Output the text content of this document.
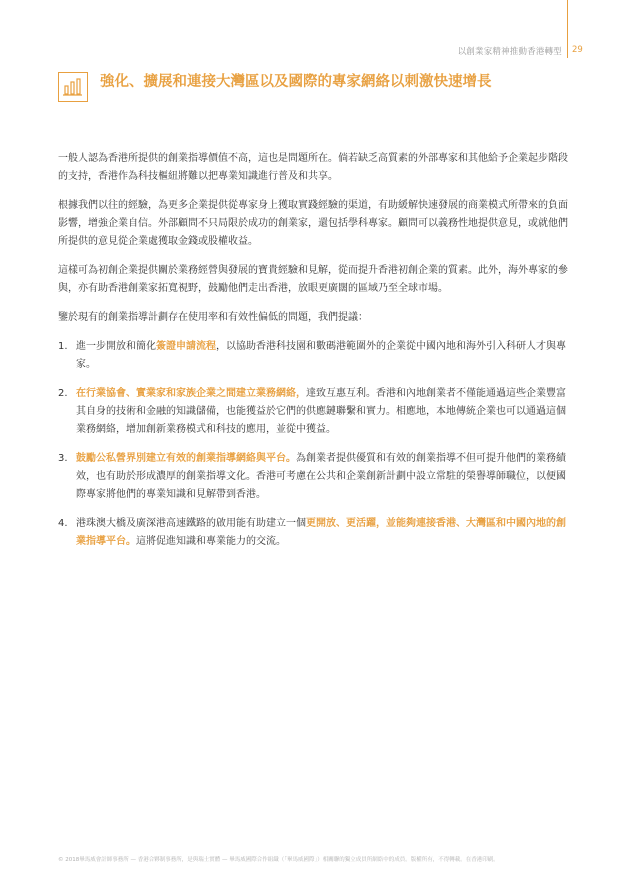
以創業家精神推動香港轉型 29
強化、擴展和連接大灣區以及國際的專家網絡以刺激快速增長

一般人認為香港所提供的創業指導價值不高，這也是問題所在。倘若缺乏高質素的外部專家和其他給予企業起步階段的支持，香港作為科技樞紐將難以把專業知識進行普及和共享。

根據我們以往的經驗，為更多企業提供從專家身上獲取實踐經驗的渠道，有助緩解快速發展的商業模式所帶來的負面影響，增強企業自信。外部顧問不只局限於成功的創業家，還包括學科專家。顧問可以義務性地提供意見，或就他們所提供的意見從企業處獲取金錢或股權收益。

這樣可為初創企業提供關於業務經營與發展的寶貴經驗和見解，從而提升香港初創企業的質素。此外，海外專家的參與，亦有助香港創業家拓寬視野，鼓勵他們走出香港，放眼更廣闊的區域乃至全球市場。

鑒於現有的創業指導計劃存在使用率和有效性偏低的問題，我們提議：

1. 進一步開放和簡化簽證申請流程，以協助香港科技園和數碼港範圍外的企業從中國內地和海外引入科研人才與專家。
2. 在行業協會、實業家和家族企業之間建立業務網絡，達致互惠互利。香港和內地創業者不僅能通過這些企業豐富其自身的技術和金融的知識儲備，也能獲益於它們的供應鏈聯繫和實力。相應地，本地傳統企業也可以通過這個業務網絡，增加創新業務模式和科技的應用，並從中獲益。
3. 鼓勵公私營界別建立有效的創業指導網絡與平台。為創業者提供優質和有效的創業指導不但可提升他們的業務績效，也有助於形成濃厚的創業指導文化。香港可考慮在公共和企業創新計劃中設立常駐的榮譽導師職位，以便國際專家將他們的專業知識和見解帶到香港。
4. 港珠澳大橋及廣深港高速鐵路的啟用能有助建立一個更開放、更活躍，並能夠連接香港、大灣區和中國內地的創業指導平台。這將促進知識和專業能力的交流。
© 2018畢馬威會計師事務所 — 香港合夥制事務所，是與瑞士實體 — 畢馬威國際合作組織（「畢馬威國際」）相關聯的獨立成員所網絡中的成員。版權所有，不得轉載。在香港印刷。
